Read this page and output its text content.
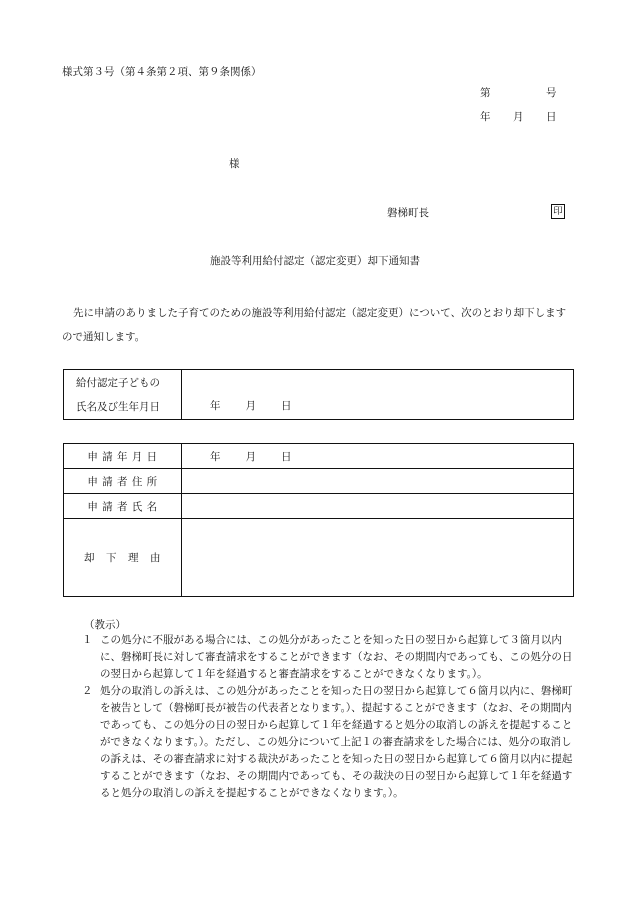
様式第３号（第４条第２項、第９条関係）
第	号
年 月 日
様
磐梯町長	印
施設等利用給付認定（認定変更）却下通知書
先に申請のありました子育てのための施設等利用給付認定（認定変更）について、次のとおり却下しますので通知します。
給付認定子どもの
氏名及び生年月日	年 月 日
申 請 年 月 日	年 月 日

申 請 者 住 所	
申 請 者 氏 名	
却　下　理　由	
（教示）
１ この処分に不服がある場合には、この処分があったことを知った日の翌日から起算して３箇月以内に、磐梯町長に対して審査請求をすることができます（なお、その期間内であっても、この処分の日の翌日から起算して１年を経過すると審査請求をすることができなくなります。）。
２ 処分の取消しの訴えは、この処分があったことを知った日の翌日から起算して６箇月以内に、磐梯町を被告として（磐梯町長が被告の代表者となります。）、提起することができます（なお、その期間内であっても、この処分の日の翌日から起算して１年を経過すると処分の取消しの訴えを提起することができなくなります。）。ただし、この処分について上記１の審査請求をした場合には、処分の取消しの訴えは、その審査請求に対する裁決があったことを知った日の翌日から起算して６箇月以内に提起することができます（なお、その期間内であっても、その裁決の日の翌日から起算して１年を経過すると処分の取消しの訴えを提起することができなくなります。）。
